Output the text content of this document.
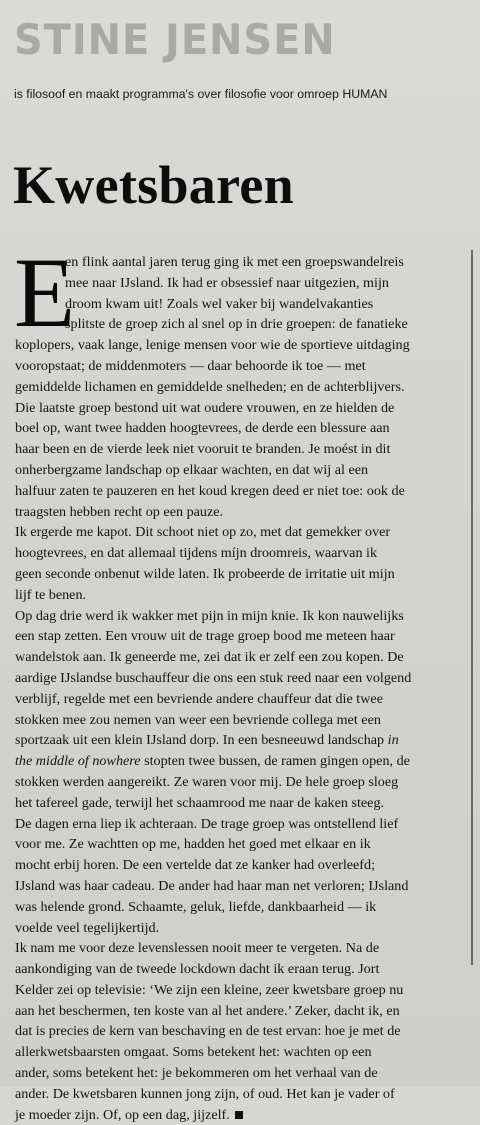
STINE JENSEN
is filosoof en maakt programma's over filosofie voor omroep HUMAN
Kwetsbaren
E

en flink aantal jaren terug ging ik met een groepswandelreis
mee naar IJsland. Ik had er obsessief naar uitgezien, mijn
droom kwam uit! Zoals wel vaker bij wandelvakanties
splitste de groep zich al snel op in drie groepen: de fanatieke
koplopers, vaak lange, lenige mensen voor wie de sportieve uitdaging
vooropstaat; de middenmoters — daar behoorde ik toe — met
gemiddelde lichamen en gemiddelde snelheden; en de achterblijvers.
Die laatste groep bestond uit wat oudere vrouwen, en ze hielden de
boel op, want twee hadden hoogtevrees, de derde een blessure aan
haar been en de vierde leek niet vooruit te branden. Je moést in dit
onherbergzame landschap op elkaar wachten, en dat wij al een
halfuur zaten te pauzeren en het koud kregen deed er niet toe: ook de
traagsten hebben recht op een pauze.

Ik ergerde me kapot. Dit schoot niet op zo, met dat gemekker over
hoogtevrees, en dat allemaal tijdens míjn droomreis, waarvan ik
geen seconde onbenut wilde laten. Ik probeerde de irritatie uit mijn
lijf te benen.

Op dag drie werd ik wakker met pijn in mijn knie. Ik kon nauwelijks
een stap zetten. Een vrouw uit de trage groep bood me meteen haar
wandelstok aan. Ik geneerde me, zei dat ik er zelf een zou kopen. De
aardige IJslandse buschauffeur die ons een stuk reed naar een volgend
verblijf, regelde met een bevriende andere chauffeur dat die twee
stokken mee zou nemen van weer een bevriende collega met een
sportzaak uit een klein IJsland dorp. In een besneeuwd landschap in
the middle of nowhere stopten twee bussen, de ramen gingen open, de
stokken werden aangereikt. Ze waren voor mij. De hele groep sloeg
het tafereel gade, terwijl het schaamrood me naar de kaken steeg.
De dagen erna liep ik achteraan. De trage groep was ontstellend lief
voor me. Ze wachtten op me, hadden het goed met elkaar en ik
mocht erbij horen. De een vertelde dat ze kanker had overleefd;
IJsland was haar cadeau. De ander had haar man net verloren; IJsland
was helende grond. Schaamte, geluk, liefde, dankbaarheid — ik
voelde veel tegelijkertijd.

Ik nam me voor deze levenslessen nooit meer te vergeten. Na de
aankondiging van de tweede lockdown dacht ik eraan terug. Jort
Kelder zei op televisie: ‘We zijn een kleine, zeer kwetsbare groep nu
aan het beschermen, ten koste van al het andere.’ Zeker, dacht ik, en
dat is precies de kern van beschaving en de test ervan: hoe je met de
allerkwetsbaarsten omgaat. Soms betekent het: wachten op een
ander, soms betekent het: je bekommeren om het verhaal van de
ander. De kwetsbaren kunnen jong zijn, of oud. Het kan je vader of
je moeder zijn. Of, op een dag, jijzelf.
